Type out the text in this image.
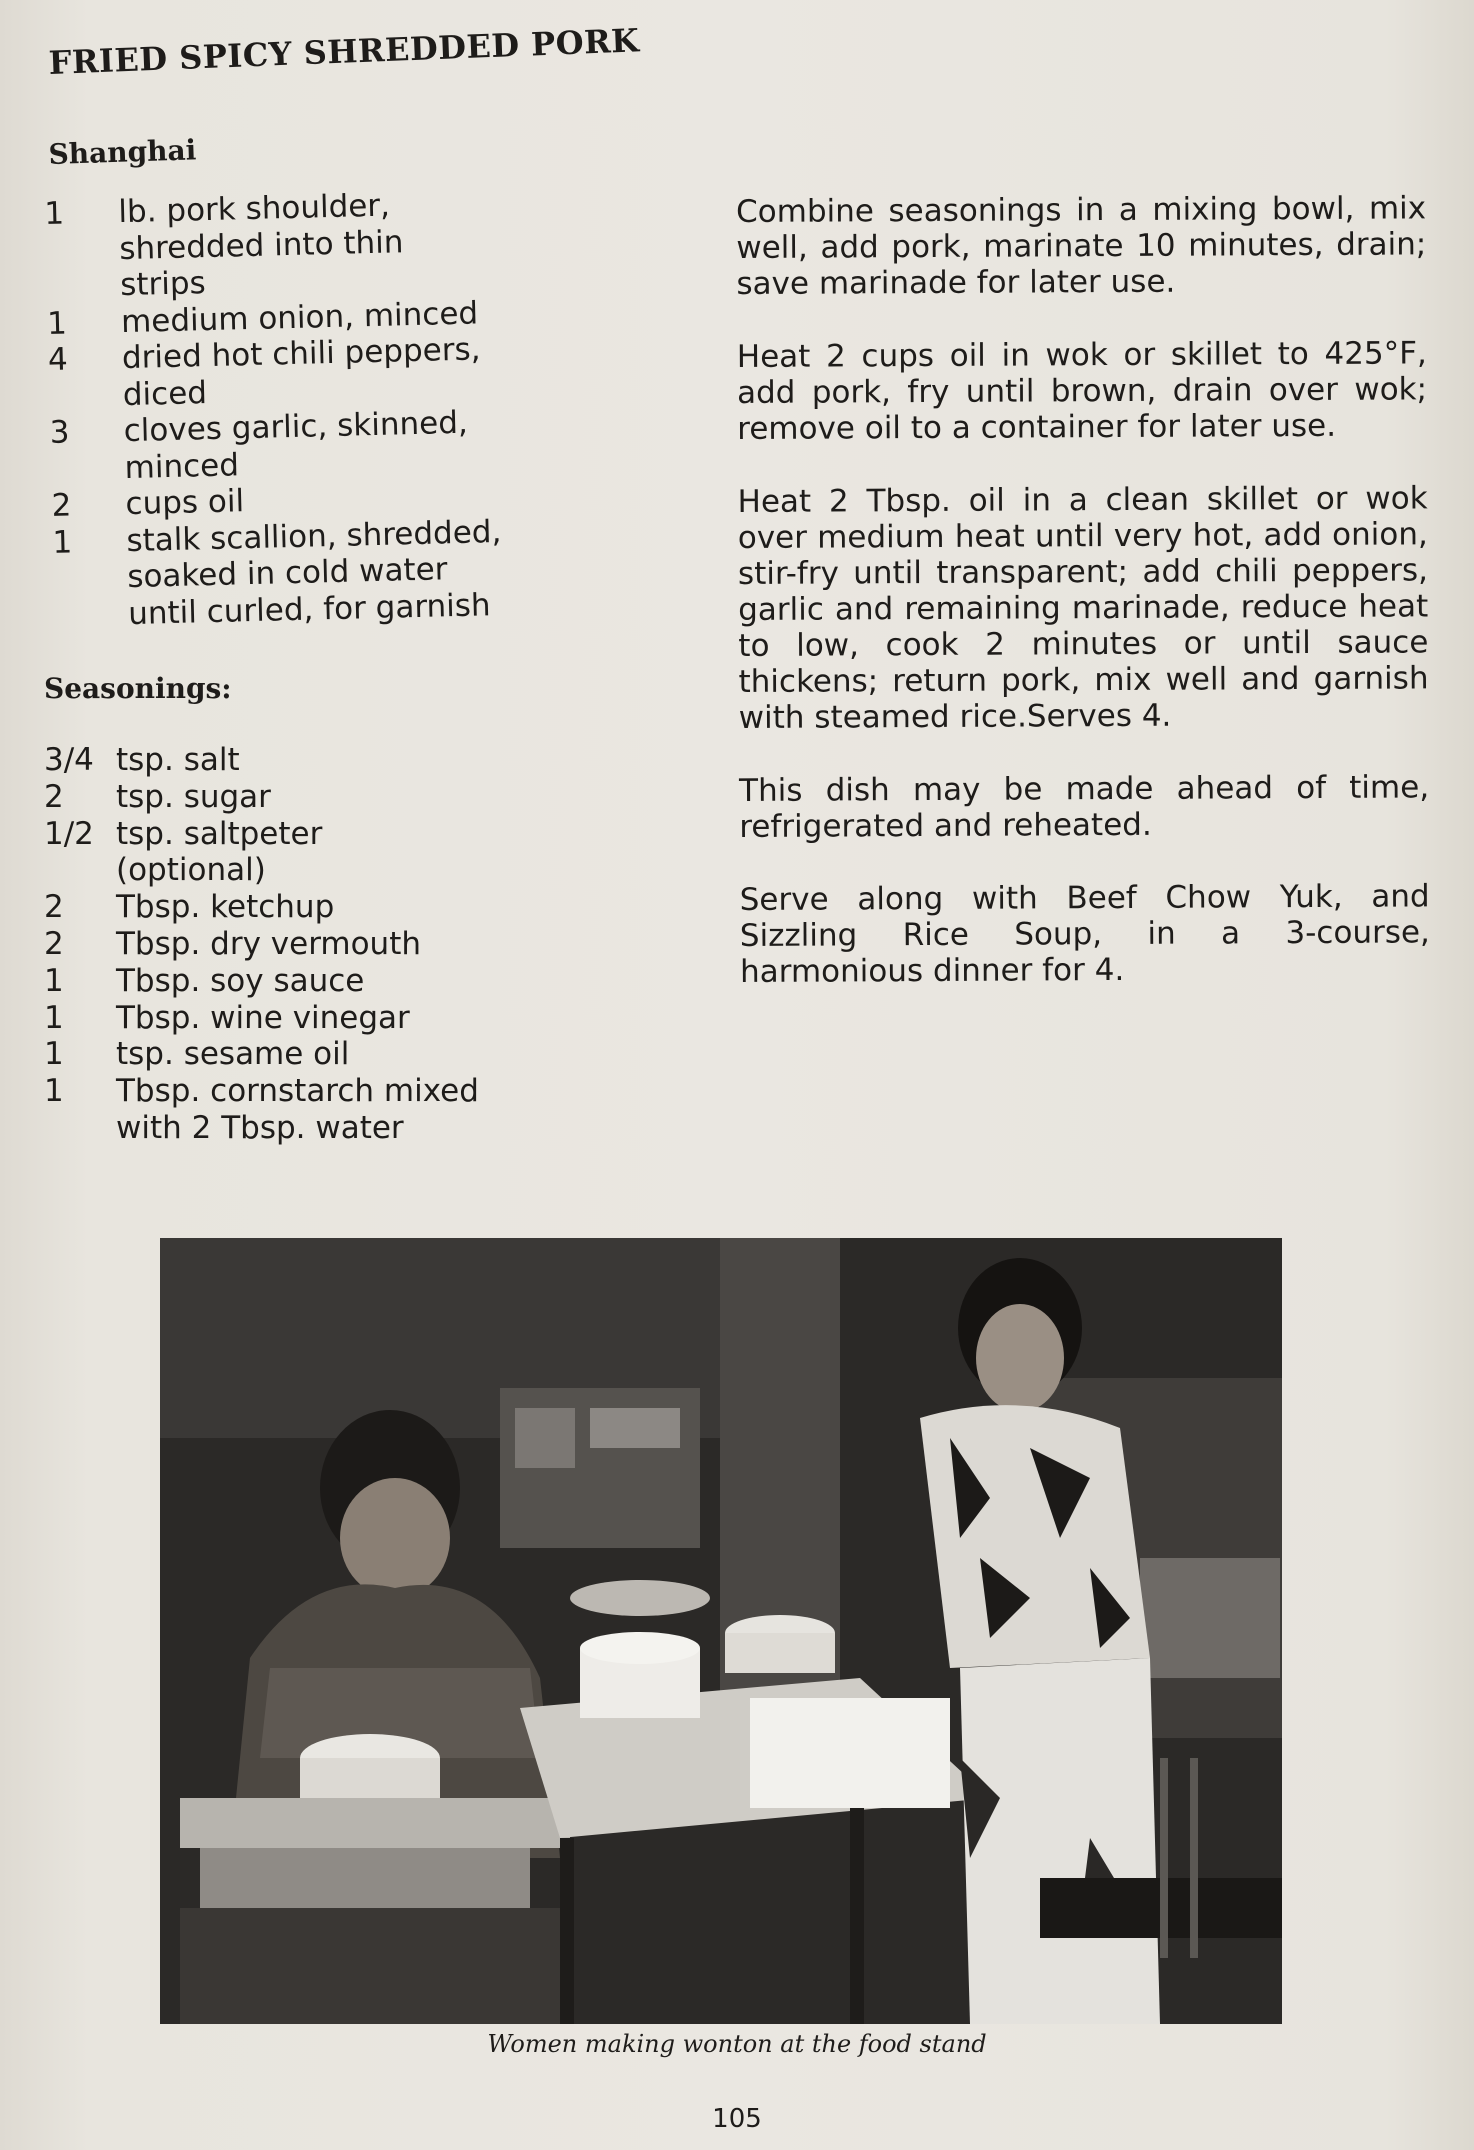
FRIED SPICY SHREDDED PORK
Shanghai
1	lb. pork shoulder,
shredded into thin
strips
1	medium onion, minced
4	dried hot chili peppers,
diced
3	cloves garlic, skinned,
minced
2	cups oil
1	stalk scallion, shredded,
soaked in cold water
until curled, for garnish
Seasonings:
3/4 tsp. salt
2	tsp. sugar
1/2 tsp. saltpeter
(optional)
2	Tbsp. ketchup
2	Tbsp. dry vermouth
1	Tbsp. soy sauce
1	Tbsp. wine vinegar
1	tsp. sesame oil
1	Tbsp. cornstarch mixed
with 2 Tbsp. water

Combine seasonings in a mixing bowl, mix well, add pork, marinate 10 minutes, drain; save marinade for later use.

Heat 2 cups oil in wok or skillet to 425°F, add pork, fry until brown, drain over wok; remove oil to a container for later use.

Heat 2 Tbsp. oil in a clean skillet or wok over medium heat until very hot, add onion, stir-fry until transparent; add chili peppers, garlic and remaining marinade, reduce heat to low, cook 2 minutes or until sauce thickens; return pork, mix well and garnish with steamed rice.Serves 4.

This dish may be made ahead of time, refrigerated and reheated.

Serve along with Beef Chow Yuk, and Sizzling Rice Soup, in a 3-course, harmonious dinner for 4.

Women making wonton at the food stand
105
